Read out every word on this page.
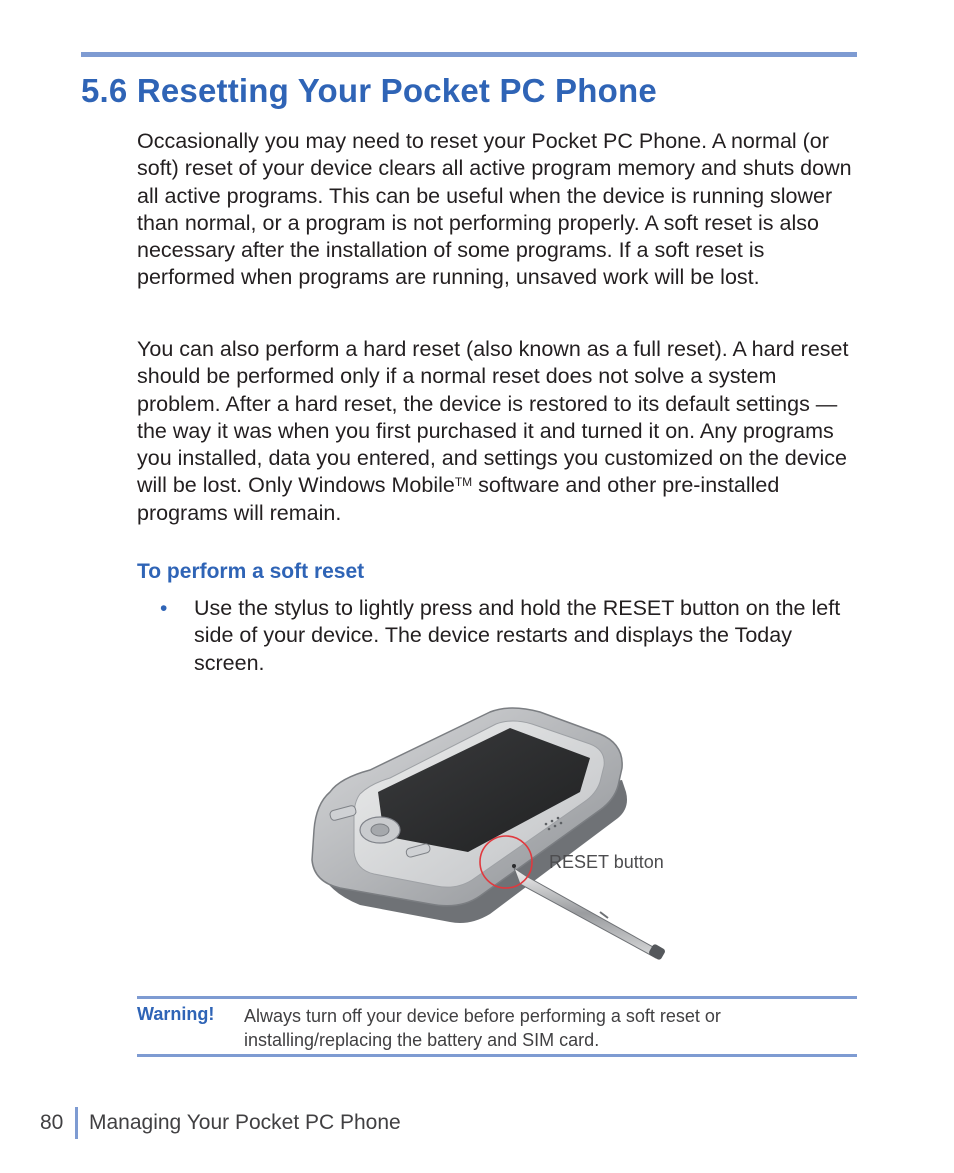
5.6 Resetting Your Pocket PC Phone

Occasionally you may need to reset your Pocket PC Phone. A normal (or soft) reset of your device clears all active program memory and shuts down all active programs. This can be useful when the device is running slower than normal, or a program is not performing properly. A soft reset is also necessary after the installation of some programs. If a soft reset is performed when programs are running, unsaved work will be lost.

You can also perform a hard reset (also known as a full reset). A hard reset should be performed only if a normal reset does not solve a system problem. After a hard reset, the device is restored to its default settings — the way it was when you first purchased it and turned it on. Any programs you installed, data you entered, and settings you customized on the device will be lost. Only Windows Mobile™ software and other pre-installed programs will remain.

To perform a soft reset
• Use the stylus to lightly press and hold the RESET button on the left side of your device. The device restarts and displays the Today screen.

RESET button
Warning! Always turn off your device before performing a soft reset or installing/replacing the battery and SIM card.

80 Managing Your Pocket PC Phone
